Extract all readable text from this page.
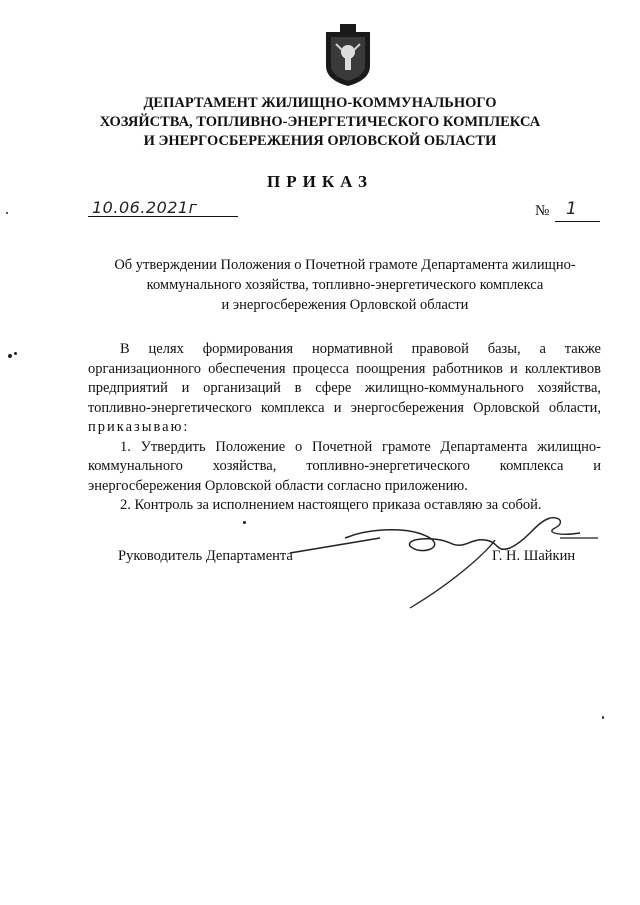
ДЕПАРТАМЕНТ ЖИЛИЩНО-КОММУНАЛЬНОГО
ХОЗЯЙСТВА, ТОПЛИВНО-ЭНЕРГЕТИЧЕСКОГО КОМПЛЕКСА
И ЭНЕРГОСБЕРЕЖЕНИЯ ОРЛОВСКОЙ ОБЛАСТИ
ПРИКАЗ
10.06.2021г	№ 1
Об утверждении Положения о Почетной грамоте Департамента жилищно-
коммунального хозяйства, топливно-энергетического комплекса
и энергосбережения Орловской области

В целях формирования нормативной правовой базы, а также организационного обеспечения процесса поощрения работников и коллективов предприятий и организаций в сфере жилищно-коммунального хозяйства, топливно-энергетического комплекса и энергосбережения Орловской области, приказываю:

1. Утвердить Положение о Почетной грамоте Департамента жилищно-коммунального хозяйства, топливно-энергетического комплекса и энергосбережения Орловской области согласно приложению.

2. Контроль за исполнением настоящего приказа оставляю за собой.

Руководитель Департамента	Г. Н. Шайкин
